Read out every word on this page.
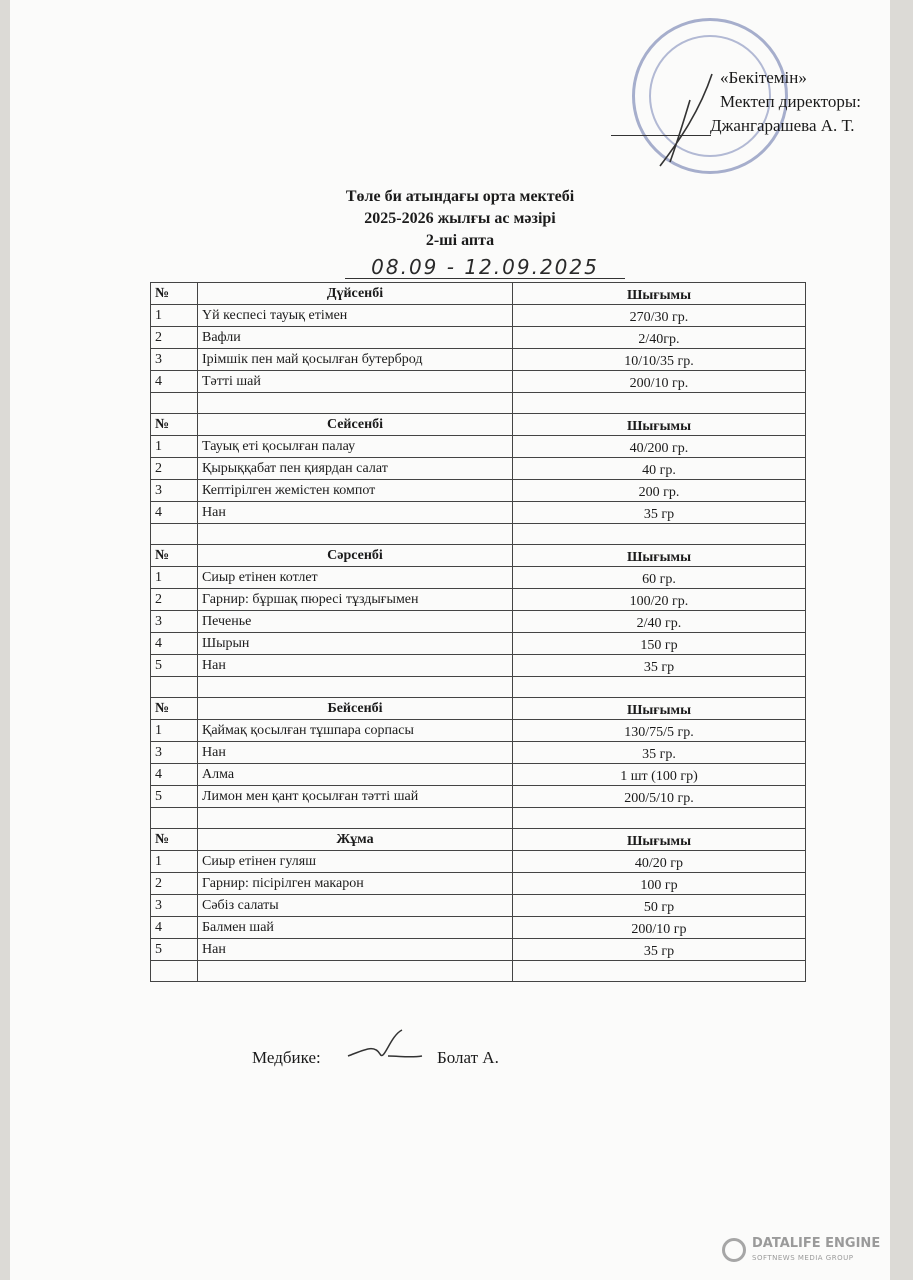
«Бекітемін»
Мектеп директоры:
Джангарашева А. Т.
Төле би атындағы орта мектебі
2025-2026 жылғы ас мәзірі
2-ші апта
08.09 - 12.09.2025
№	Дүйсенбі	Шығымы
1	Үй кеспесі тауық етімен	270/30 гр.
2	Вафли	2/40гр.
3	Ірімшік пен май қосылған бутерброд	10/10/35 гр.
4	Тәтті шай	200/10 гр.

№	Сейсенбі	Шығымы
1	Тауық еті қосылған палау	40/200 гр.
2	Қырыққабат пен қиярдан салат	40 гр.
3	Кептірілген жемістен компот	200 гр.
4	Нан	35 гр

№	Сәрсенбі	Шығымы
1	Сиыр етінен котлет	60 гр.
2	Гарнир: бұршақ пюресі тұздығымен	100/20 гр.
3	Печенье	2/40 гр.
4	Шырын	150 гр
5	Нан	35 гр

№	Бейсенбі	Шығымы
1	Қаймақ қосылған тұшпара сорпасы	130/75/5 гр.
3	Нан	35 гр.
4	Алма	1 шт (100 гр)
5	Лимон мен қант қосылған тәтті шай	200/5/10 гр.

№	Жұма	Шығымы
1	Сиыр етінен гуляш	40/20 гр
2	Гарнир: пісірілген макарон	100 гр
3	Сәбіз салаты	50 гр
4	Балмен шай	200/10 гр
5	Нан	35 гр

Медбике:	Болат А.
DATALIFE ENGINE
SOFTNEWS MEDIA GROUP
